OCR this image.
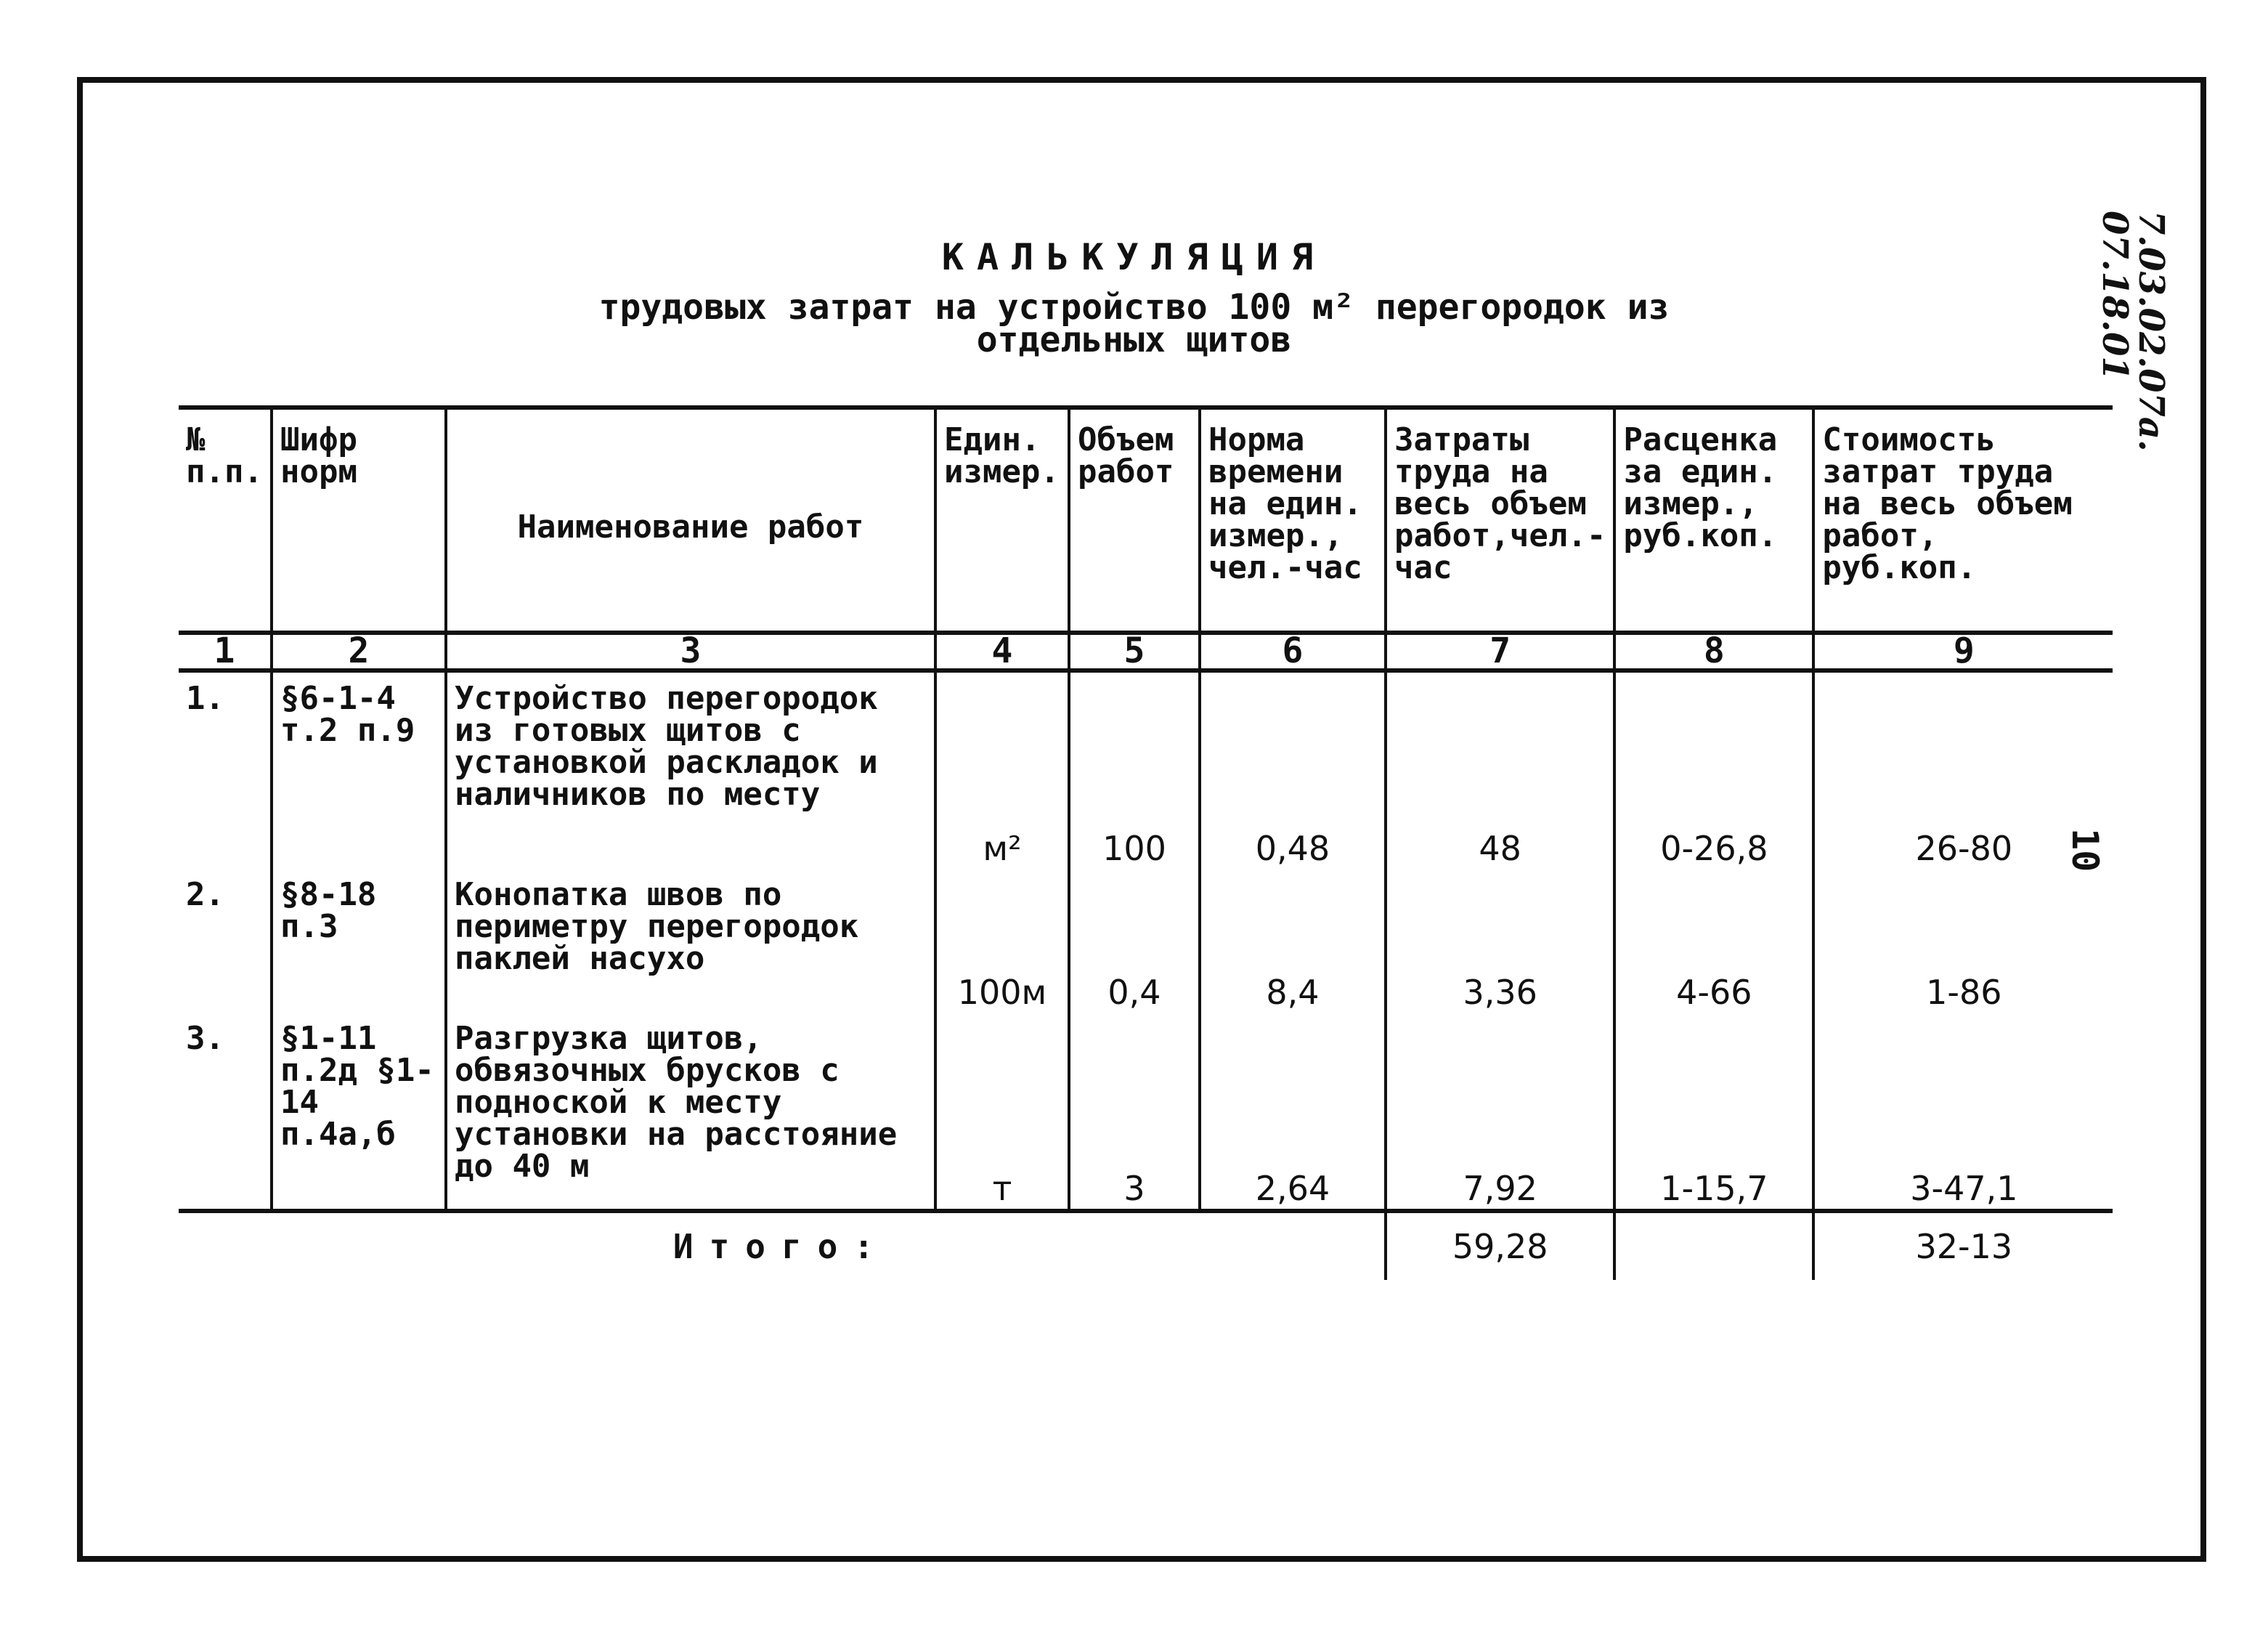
07.18.01
7.03.02.07а.
10
КАЛЬКУЛЯЦИЯ
трудовых затрат на устройство 100 м² перегородок из
отдельных щитов
№ п.п.	Шифр норм	Наименование работ	Един. измер.	Объем работ	Норма времени на един. измер., чел.-час	Затраты труда на весь объем работ,чел.-час	Расценка за един. измер., руб.коп.	Стоимость затрат труда на весь объем работ, руб.коп.
1	2	3	4	5	6	7	8	9
1.	§6-1-4 т.2 п.9	Устройство перегородок из готовых щитов с установкой раскладок и наличников по месту	м²	100	0,48	48	0-26,8	26-80
2.	§8-18 п.3	Конопатка швов по периметру перегородок паклей насухо	100м	0,4	8,4	3,36	4-66	1-86
3.	§1-11 п.2д §1-14 п.4а,б	Разгрузка щитов, обвязочных брусков с подноской к месту установки на расстояние до 40 м	т	3	2,64	7,92	1-15,7	3-47,1
Итого:						59,28		32-13
